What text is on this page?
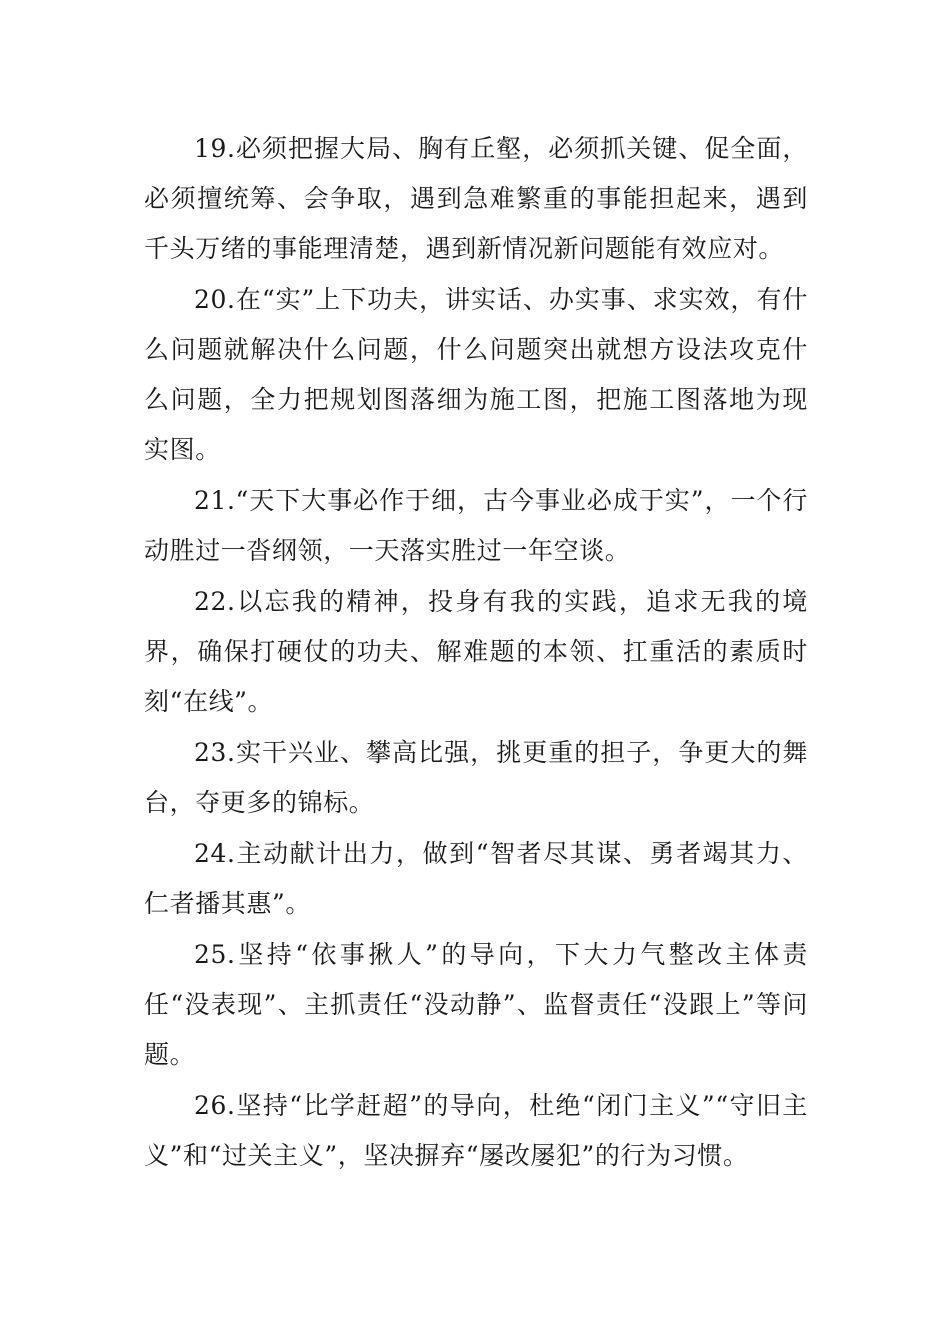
19.必须把握大局、胸有丘壑，必须抓关键、促全面，必须擅统筹、会争取，遇到急难繁重的事能担起来，遇到千头万绪的事能理清楚，遇到新情况新问题能有效应对。

20.在“实”上下功夫，讲实话、办实事、求实效，有什么问题就解决什么问题，什么问题突出就想方设法攻克什么问题，全力把规划图落细为施工图，把施工图落地为现实图。

21.“天下大事必作于细，古今事业必成于实”，一个行动胜过一沓纲领，一天落实胜过一年空谈。

22.以忘我的精神，投身有我的实践，追求无我的境界，确保打硬仗的功夫、解难题的本领、扛重活的素质时刻“在线”。

23.实干兴业、攀高比强，挑更重的担子，争更大的舞台，夺更多的锦标。

24.主动献计出力，做到“智者尽其谋、勇者竭其力、仁者播其惠”。

25.坚持“依事揪人”的导向，下大力气整改主体责任“没表现”、主抓责任“没动静”、监督责任“没跟上”等问题。

26.坚持“比学赶超”的导向，杜绝“闭门主义”“守旧主义”和“过关主义”，坚决摒弃“屡改屡犯”的行为习惯。
